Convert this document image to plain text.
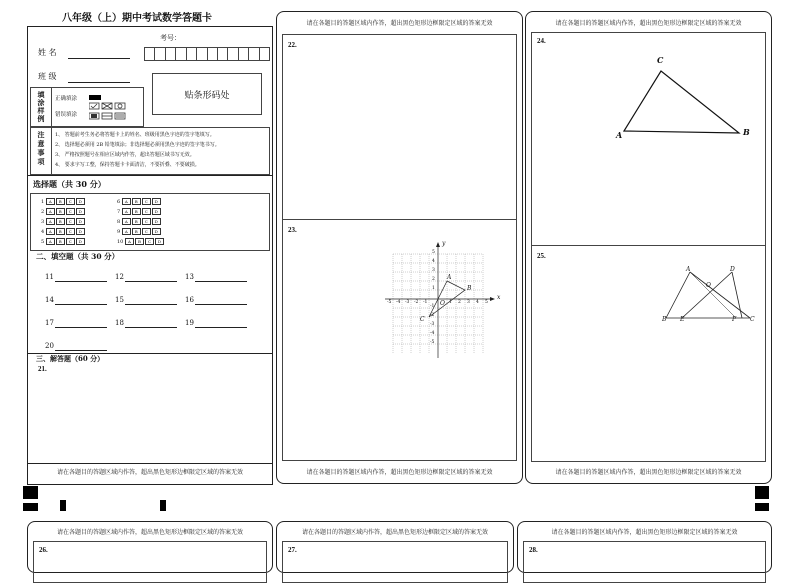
八年级（上）期中考试数学答题卡
姓 名
班 级
填涂样例 正确填涂
错误填涂
考号：
贴条形码处
注意事项 1、 答题前考生务必将答题卡上的姓名、班级用黑色字迹的签字笔填写。
2、 选择题必须用 2B 铅笔填涂；非选择题必须用黑色字迹的签字笔书写。
3、 严格按照题号在相应区域内作答，超出答题区域书写无效。
4、 要求字写工整，保持答题卡卡面清洁，不要折叠、不要破损。
选择题（共 30 分）
1 A B C D
2 A B C D
3 A B C D
4 A B C D
5 A B C D
6 A B C D
7 A B C D
8 A B C D
9 A B C D
10 A B C D
二、填空题（共 30 分）
11	12	13
14	15	16
17	18	19
20
三、解答题（60 分）
21.
请在各题目的答题区域内作答，超出黑色矩形边框限定区域的答案无效
请在各题目的答题区域内作答，超出黑色矩形边框限定区域的答案无效
22.
23.
x
y
O
A
B
C
-5 -4 -3 -2 -1	1 2 3 4 5
5
4
3
2
1
-1
-2
-3
-4
-5
请在各题目的答题区域内作答，超出黑色矩形边框限定区域的答案无效
请在各题目的答题区域内作答，超出黑色矩形边框限定区域的答案无效
24.
A	B
C
25.
A	D
O
B E	F C
请在各题目的答题区域内作答，超出黑色矩形边框限定区域的答案无效
请在各题目的答题区域内作答，超出黑色矩形边框限定区域的答案无效
26.
请在各题目的答题区域内作答，超出黑色矩形边框限定区域的答案无效
27.
请在各题目的答题区域内作答，超出黑色矩形边框限定区域的答案无效
28.
